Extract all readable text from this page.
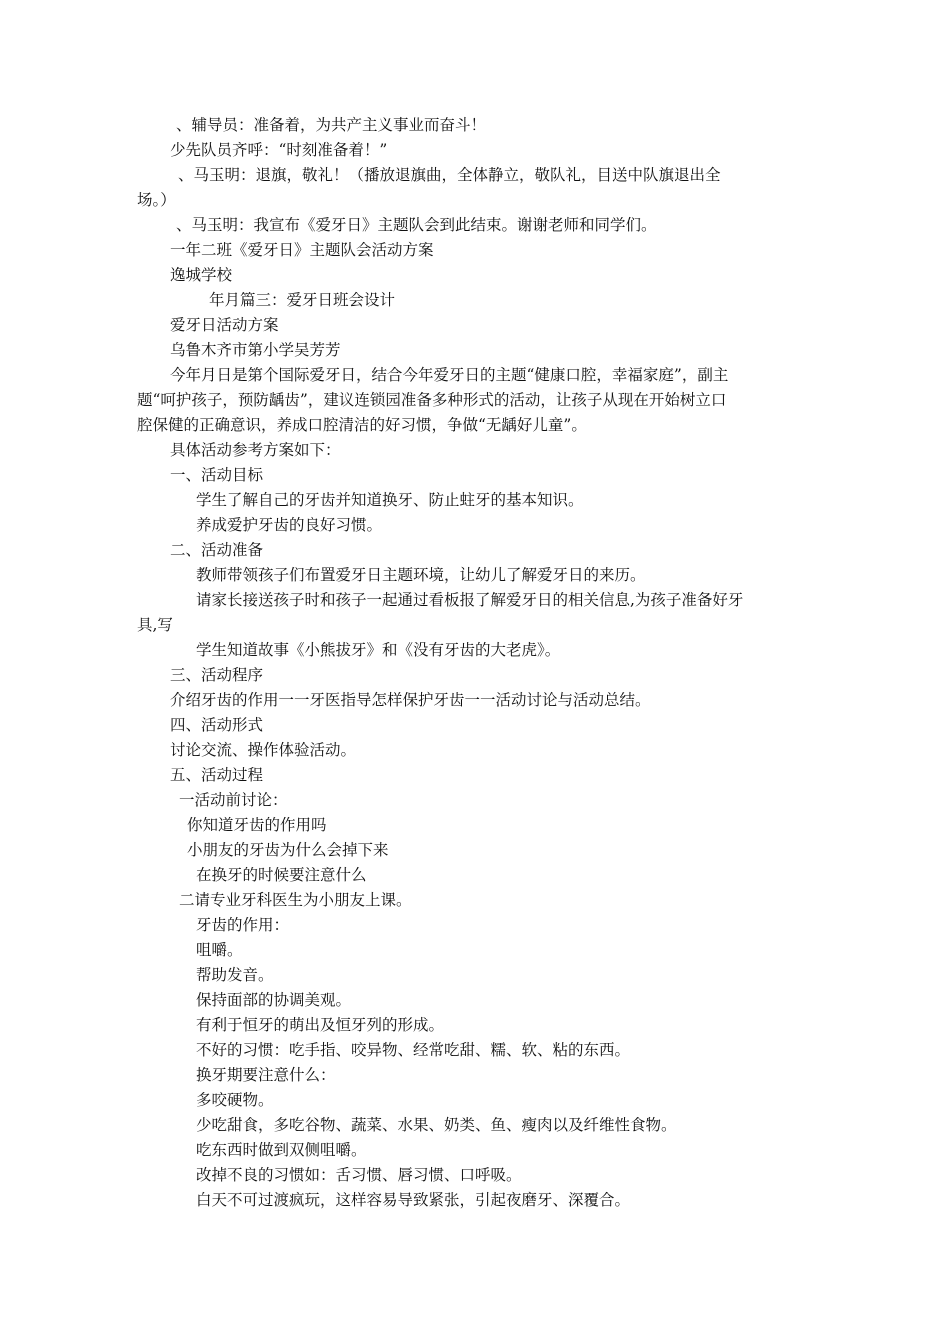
、辅导员：准备着，为共产主义事业而奋斗！
少先队员齐呼：“时刻准备着！”
、马玉明：退旗，敬礼！（播放退旗曲，全体静立，敬队礼，目送中队旗退出全
场。）
、马玉明：我宣布《爱牙日》主题队会到此结束。谢谢老师和同学们。
一年二班《爱牙日》主题队会活动方案
逸城学校
年月篇三：爱牙日班会设计
爱牙日活动方案
乌鲁木齐市第小学吴芳芳
今年月日是第个国际爱牙日，结合今年爱牙日的主题“健康口腔，幸福家庭”，副主
题“呵护孩子，预防龋齿”，建议连锁园准备多种形式的活动，让孩子从现在开始树立口
腔保健的正确意识，养成口腔清洁的好习惯，争做“无龋好儿童”。
具体活动参考方案如下：
一、活动目标
学生了解自己的牙齿并知道换牙、防止蛀牙的基本知识。
养成爱护牙齿的良好习惯。
二、活动准备
教师带领孩子们布置爱牙日主题环境，让幼儿了解爱牙日的来历。
请家长接送孩子时和孩子一起通过看板报了解爱牙日的相关信息,为孩子准备好牙
具,写
学生知道故事《小熊拔牙》和《没有牙齿的大老虎》。
三、活动程序
介绍牙齿的作用一一牙医指导怎样保护牙齿一一活动讨论与活动总结。
四、活动形式
讨论交流、操作体验活动。
五、活动过程
一活动前讨论：
你知道牙齿的作用吗
小朋友的牙齿为什么会掉下来
在换牙的时候要注意什么
二请专业牙科医生为小朋友上课。
牙齿的作用：
咀嚼。
帮助发音。
保持面部的协调美观。
有利于恒牙的萌出及恒牙列的形成。
不好的习惯：吃手指、咬异物、经常吃甜、糯、软、粘的东西。
换牙期要注意什么：
多咬硬物。
少吃甜食，多吃谷物、蔬菜、水果、奶类、鱼、瘦肉以及纤维性食物。
吃东西时做到双侧咀嚼。
改掉不良的习惯如：舌习惯、唇习惯、口呼吸。
白天不可过渡疯玩，这样容易导致紧张，引起夜磨牙、深覆合。
